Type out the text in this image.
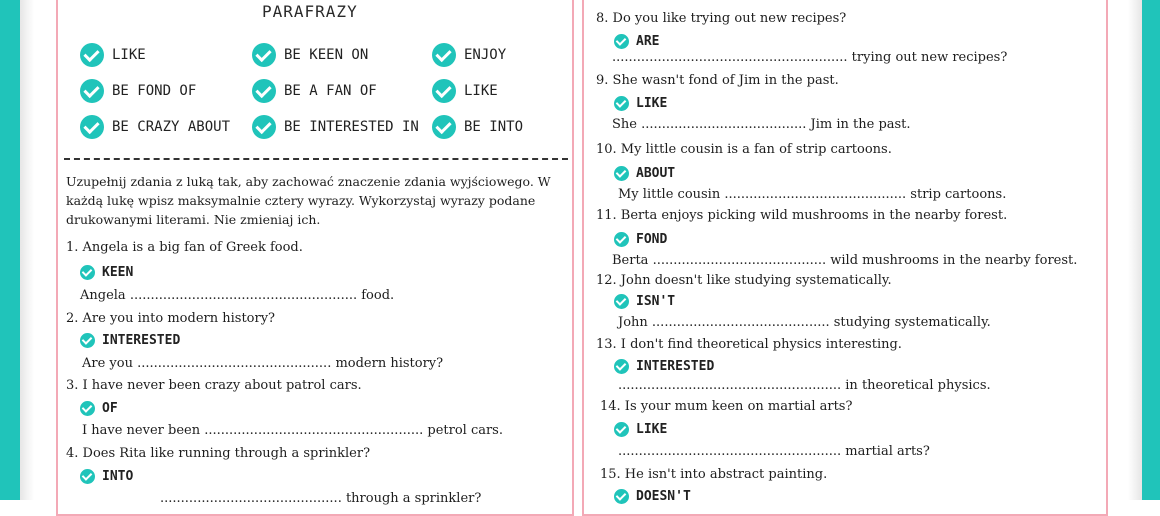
PARAFRAZY
LIKE	BE KEEN ON	ENJOY
BE FOND OF	BE A FAN OF	LIKE
BE CRAZY ABOUT	BE INTERESTED IN	BE INTO
Uzupełnij zdania z luką tak, aby zachować znaczenie zdania wyjściowego. W każdą lukę wpisz maksymalnie cztery wyrazy. Wykorzystaj wyrazy podane drukowanymi literami. Nie zmieniaj ich.
1. Angela is a big fan of Greek food.
KEEN
Angela ....................................................... food.
2. Are you into modern history?
INTERESTED
Are you ............................................... modern history?
3. I have never been crazy about patrol cars.
OF
I have never been ..................................................... petrol cars.
4. Does Rita like running through a sprinkler?
INTO
............................................ through a sprinkler?
8. Do you like trying out new recipes?
ARE
......................................................... trying out new recipes?
9. She wasn't fond of Jim in the past.
LIKE
She ........................................ Jim in the past.
10. My little cousin is a fan of strip cartoons.
ABOUT
My little cousin ............................................ strip cartoons.
11. Berta enjoys picking wild mushrooms in the nearby forest.
FOND
Berta .......................................... wild mushrooms in the nearby forest.
12. John doesn't like studying systematically.
ISN'T
John ........................................... studying systematically.
13. I don't find theoretical physics interesting.
INTERESTED
...................................................... in theoretical physics.
14. Is your mum keen on martial arts?
LIKE
...................................................... martial arts?
15. He isn't into abstract painting.
DOESN'T
